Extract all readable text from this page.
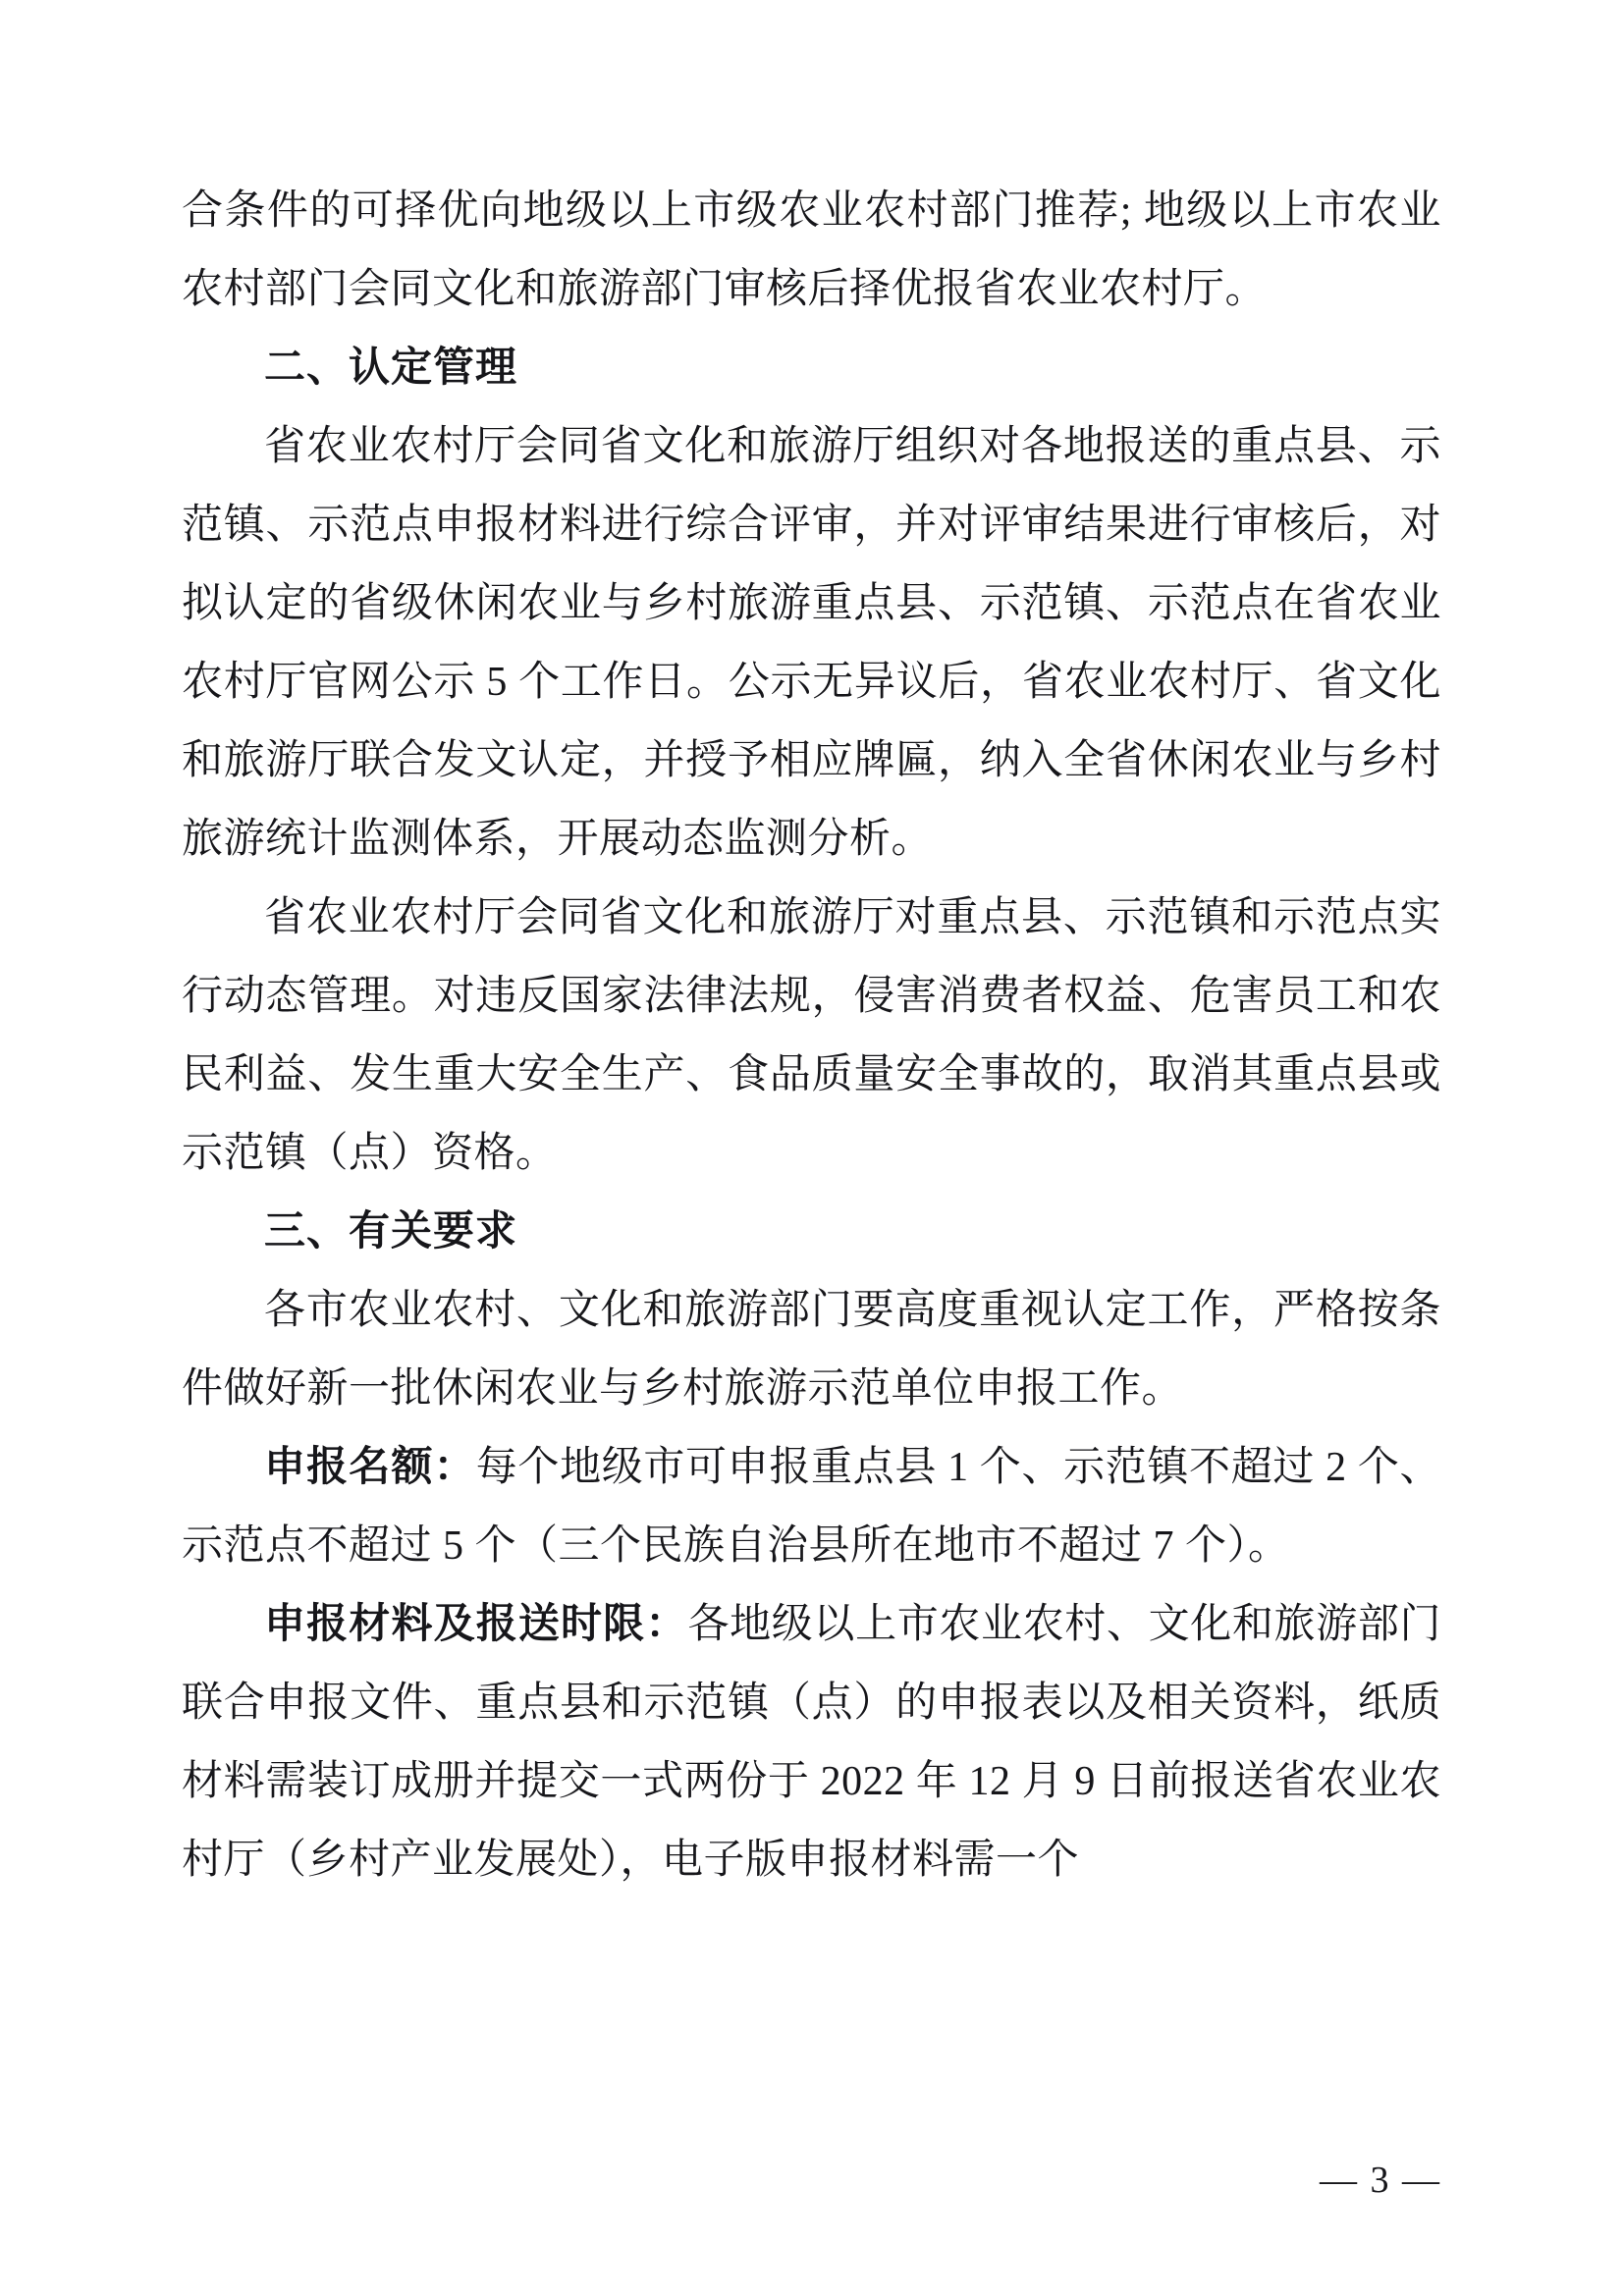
合条件的可择优向地级以上市级农业农村部门推荐; 地级以上市农业农村部门会同文化和旅游部门审核后择优报省农业农村厅。

二、认定管理

省农业农村厅会同省文化和旅游厅组织对各地报送的重点县、示范镇、示范点申报材料进行综合评审，并对评审结果进行审核后，对拟认定的省级休闲农业与乡村旅游重点县、示范镇、示范点在省农业农村厅官网公示 5 个工作日。公示无异议后，省农业农村厅、省文化和旅游厅联合发文认定，并授予相应牌匾，纳入全省休闲农业与乡村旅游统计监测体系，开展动态监测分析。

省农业农村厅会同省文化和旅游厅对重点县、示范镇和示范点实行动态管理。对违反国家法律法规，侵害消费者权益、危害员工和农民利益、发生重大安全生产、食品质量安全事故的，取消其重点县或示范镇（点）资格。

三、有关要求

各市农业农村、文化和旅游部门要高度重视认定工作，严格按条件做好新一批休闲农业与乡村旅游示范单位申报工作。

申报名额：每个地级市可申报重点县 1 个、示范镇不超过 2 个、示范点不超过 5 个（三个民族自治县所在地市不超过 7 个）。

申报材料及报送时限：各地级以上市农业农村、文化和旅游部门联合申报文件、重点县和示范镇（点）的申报表以及相关资料，纸质材料需装订成册并提交一式两份于 2022 年 12 月 9 日前报送省农业农村厅（乡村产业发展处），电子版申报材料需一个

— 3 —
